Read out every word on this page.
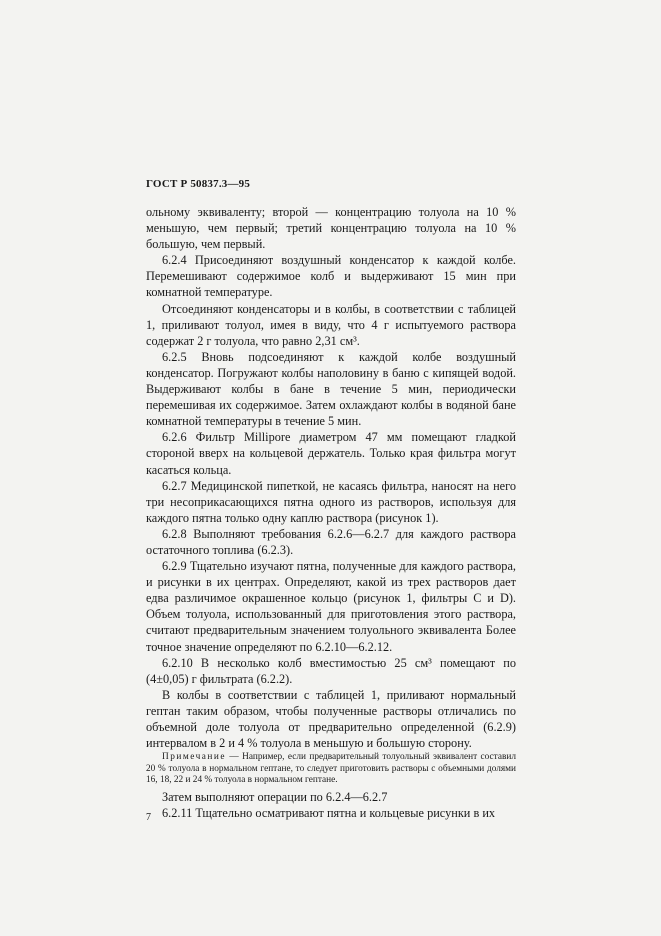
ГОСТ Р 50837.3—95

ольному эквиваленту; второй — концентрацию толуола на 10 % меньшую, чем первый; третий концентрацию толуола на 10 % большую, чем первый.

6.2.4 Присоединяют воздушный конденсатор к каждой колбе. Перемешивают содержимое колб и выдерживают 15 мин при комнатной температуре.

Отсоединяют конденсаторы и в колбы, в соответствии с таблицей 1, приливают толуол, имея в виду, что 4 г испытуемого раствора содержат 2 г толуола, что равно 2,31 см³.

6.2.5 Вновь подсоединяют к каждой колбе воздушный конденсатор. Погружают колбы наполовину в баню с кипящей водой. Выдерживают колбы в бане в течение 5 мин, периодически перемешивая их содержимое. Затем охлаждают колбы в водяной бане комнатной температуры в течение 5 мин.

6.2.6 Фильтр Millipore диаметром 47 мм помещают гладкой стороной вверх на кольцевой держатель. Только края фильтра могут касаться кольца.

6.2.7 Медицинской пипеткой, не касаясь фильтра, наносят на него три несоприкасающихся пятна одного из растворов, используя для каждого пятна только одну каплю раствора (рисунок 1).

6.2.8 Выполняют требования 6.2.6—6.2.7 для каждого раствора остаточного топлива (6.2.3).

6.2.9 Тщательно изучают пятна, полученные для каждого раствора, и рисунки в их центрах. Определяют, какой из трех растворов дает едва различимое окрашенное кольцо (рисунок 1, фильтры C и D). Объем толуола, использованный для приготовления этого раствора, считают предварительным значением толуольного эквивалента Более точное значение определяют по 6.2.10—6.2.12.

6.2.10 В несколько колб вместимостью 25 см³ помещают по (4±0,05) г фильтрата (6.2.2).

В колбы в соответствии с таблицей 1, приливают нормальный гептан таким образом, чтобы полученные растворы отличались по объемной доле толуола от предварительно определенной (6.2.9) интервалом в 2 и 4 % толуола в меньшую и большую сторону.

Примечание — Например, если предварительный толуольный эквивалент составил 20 % толуола в нормальном гептане, то следует приготовить растворы с объемными долями 16, 18, 22 и 24 % толуола в нормальном гептане.

Затем выполняют операции по 6.2.4—6.2.7

6.2.11 Тщательно осматривают пятна и кольцевые рисунки в их

7
